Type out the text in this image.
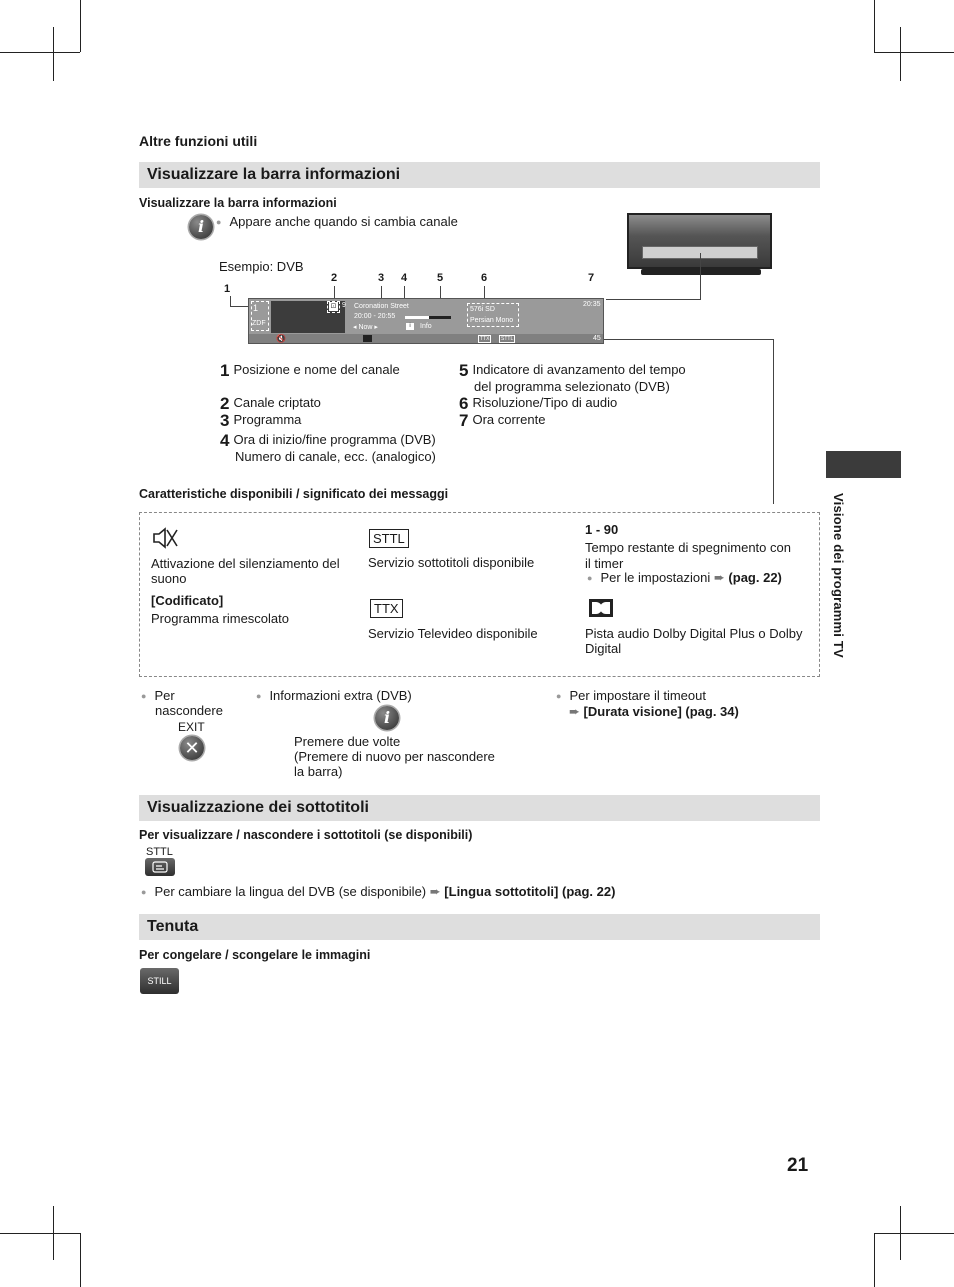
Altre funzioni utili
Visualizzare la barra informazioni
Visualizzare la barra informazioni
i
●	Appare anche quando si cambia canale
Esempio: DVB
1
2	3 4	5	6	7
1
ZDF
⊡ 9 Coronation Street
20:00 - 20:55
◂ Now ▸	i	Info
576i SD
Persian Mono
20:35
🔇	TTX	STTL	45
1 Posizione e nome del canale
2 Canale criptato
3 Programma
4 Ora di inizio/fine programma (DVB)
Numero di canale, ecc. (analogico)
5 Indicatore di avanzamento del tempo
del programma selezionato (DVB)
6 Risoluzione/Tipo di audio
7 Ora corrente
Caratteristiche disponibili / significato dei messaggi
Attivazione del silenziamento del
suono
[Codificato]
Programma rimescolato
STTL
Servizio sottotitoli disponibile
TTX
Servizio Televideo disponibile
1 - 90
Tempo restante di spegnimento con
il timer
● Per le impostazioni ➨ (pag. 22)
Pista audio Dolby Digital Plus o Dolby
Digital
● Per
nascondere
EXIT
✕
● Informazioni extra (DVB)
i
Premere due volte
(Premere di nuovo per nascondere
la barra)
● Per impostare il timeout
➨ [Durata visione] (pag. 34)
Visualizzazione dei sottotitoli
Per visualizzare / nascondere i sottotitoli (se disponibili)
STTL
● Per cambiare la lingua del DVB (se disponibile) ➨ [Lingua sottotitoli] (pag. 22)
Tenuta
Per congelare / scongelare le immagini
STILL
Visione dei programmi TV
21
